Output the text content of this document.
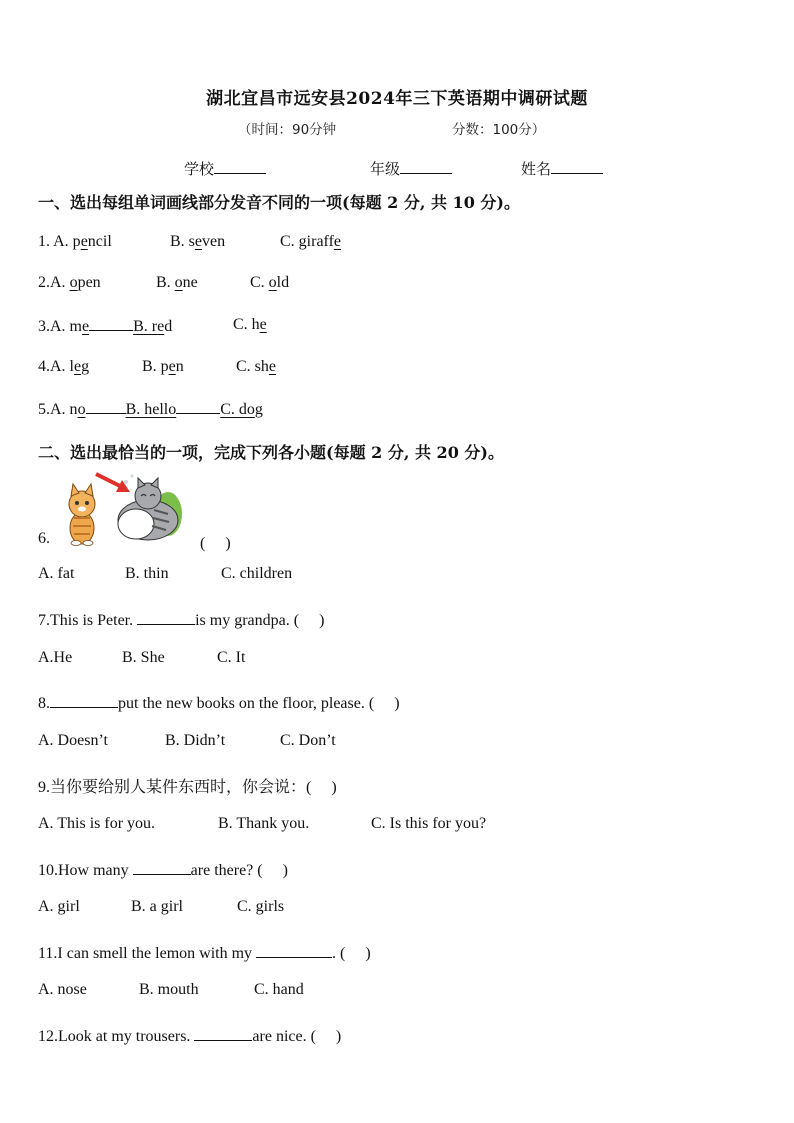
湖北宜昌市远安县2024年三下英语期中调研试题
（时间：90分钟	分数：100分）
学校	年级	姓名
一、选出每组单词画线部分发音不同的一项(每题 2 分, 共 10 分)。
1. A. pencil	B. seven	C. giraffe
2.A. open	B. one	C. old
3.A. me	B. red	C. he
4.A. leg	B. pen	C. she
5.A. no	B. hello	C. dog
二、选出最恰当的一项，完成下列各小题(每题 2 分, 共 20 分)。
6.	(　 )
A. fat	B. thin	C. children
7.This is Peter.	is my grandpa. (　 )
A.He	B. She	C. It
8.	put the new books on the floor, please. (　 )
A. Doesn’t	B. Didn’t	C. Don’t
9.当你要给别人某件东西时，你会说：(　 )
A. This is for you.	B. Thank you.	C. Is this for you?
10.How many	are there? (　 )
A. girl	B. a girl	C. girls
11.I can smell the lemon with my	. (　 )
A. nose	B. mouth	C. hand
12.Look at my trousers.	are nice. (　 )
